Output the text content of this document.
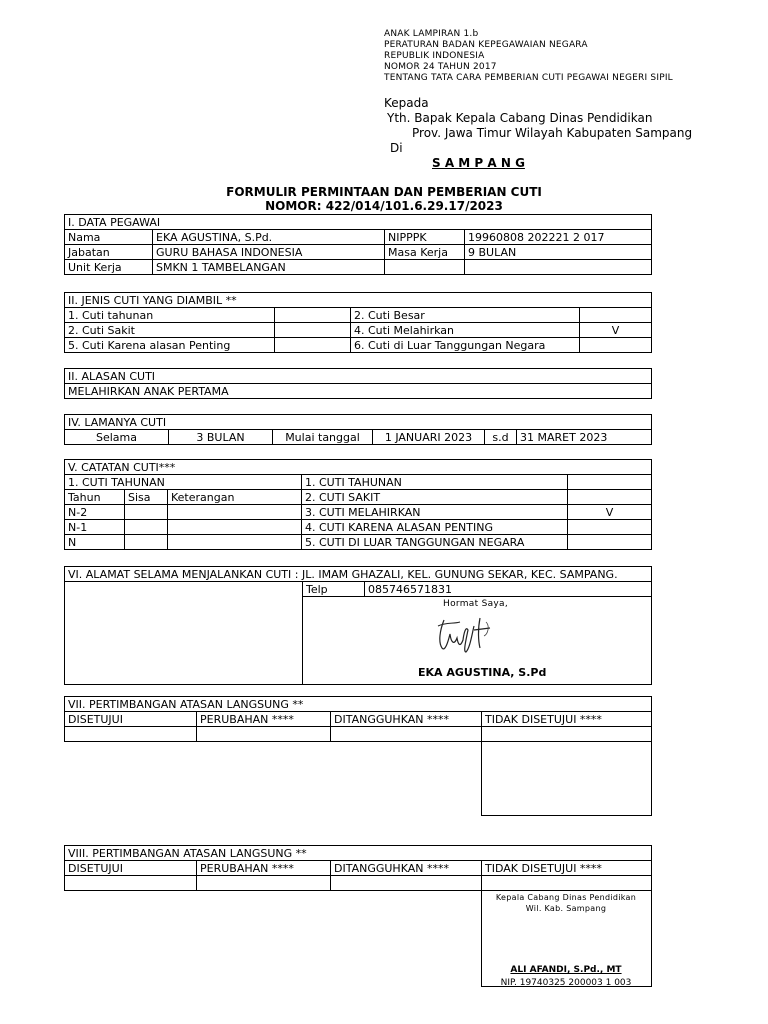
ANAK LAMPIRAN 1.b
PERATURAN BADAN KEPEGAWAIAN NEGARA
REPUBLIK INDONESIA
NOMOR 24 TAHUN 2017
TENTANG TATA CARA PEMBERIAN CUTI PEGAWAI NEGERI SIPIL
Kepada
Yth. Bapak Kepala Cabang Dinas Pendidikan
Prov. Jawa Timur Wilayah Kabupaten Sampang
Di
S A M P A N G
FORMULIR PERMINTAAN DAN PEMBERIAN CUTI
NOMOR: 422/014/101.6.29.17/2023
I. DATA PEGAWAI			
Nama	EKA AGUSTINA, S.Pd.	NIPPPK	19960808 202221 2 017
Jabatan	GURU BAHASA INDONESIA	Masa Kerja	9 BULAN
Unit Kerja	SMKN 1 TAMBELANGAN		
II. JENIS CUTI YANG DIAMBIL **			
1. Cuti tahunan		2. Cuti Besar	
2. Cuti Sakit		4. Cuti Melahirkan	V
5. Cuti Karena alasan Penting		6. Cuti di Luar Tanggungan Negara	
II. ALASAN CUTI
MELAHIRKAN ANAK PERTAMA
IV. LAMANYA CUTI
Selama	3 BULAN	Mulai tanggal	1 JANUARI 2023	s.d	31 MARET 2023
V. CATATAN CUTI***				
1. CUTI TAHUNAN			1. CUTI TAHUNAN	
Tahun	Sisa	Keterangan	2. CUTI SAKIT	
N-2			3. CUTI MELAHIRKAN	V
N-1			4. CUTI KARENA ALASAN PENTING	
N			5. CUTI DI LUAR TANGGUNGAN NEGARA	
VI. ALAMAT SELAMA MENJALANKAN CUTI : JL. IMAM GHAZALI, KEL. GUNUNG SEKAR, KEC. SAMPANG.
	Telp	085746571831

Hormat Saya,
EKA AGUSTINA, S.Pd
VII. PERTIMBANGAN ATASAN LANGSUNG **			
DISETUJUI	PERUBAHAN ****	DITANGGUHKAN ****	TIDAK DISETUJUI ****

VIII. PERTIMBANGAN ATASAN LANGSUNG **			
DISETUJUI	PERUBAHAN ****	DITANGGUHKAN ****	TIDAK DISETUJUI ****

Kepala Cabang Dinas Pendidikan
Wil. Kab. Sampang
ALI AFANDI, S.Pd., MT
NIP. 19740325 200003 1 003
